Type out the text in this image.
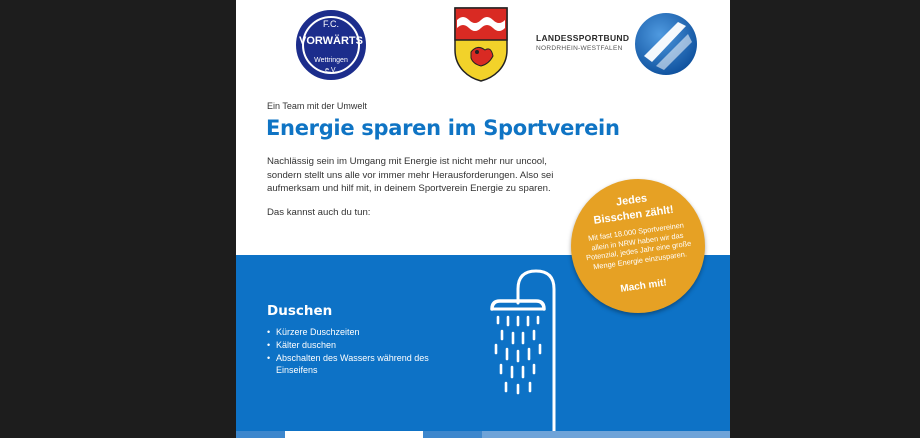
F.C.
VORWÄRTS
Wettringen
e.V.
LANDESSPORTBUND
NORDRHEIN-WESTFALEN
Ein Team mit der Umwelt
Energie sparen im Sportverein
Nachlässig sein im Umgang mit Energie ist nicht mehr nur uncool, sondern stellt uns alle vor immer mehr Herausforderungen. Also sei aufmerksam und hilf mit, in deinem Sportverein Energie zu sparen.
Das kannst auch du tun:
Duschen
• Kürzere Duschzeiten
• Kälter duschen
• Abschalten des Wassers während des Einseifens
Jedes
Bisschen zählt!
Mit fast 18.000 Sportvereinen allein in NRW haben wir das Potenzial, jedes Jahr eine große Menge Energie einzusparen.
Mach mit!
